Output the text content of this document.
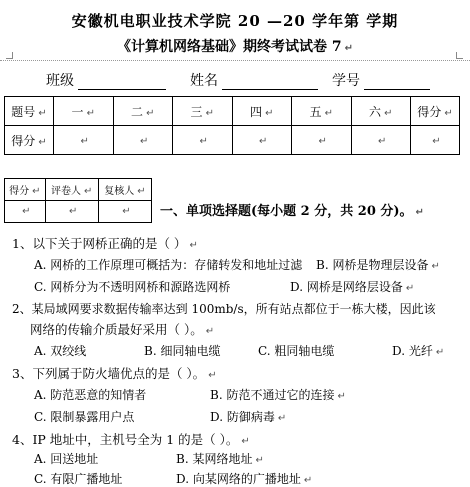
安徽机电职业技术学院 20 —20 学年第 学期
《计算机网络基础》期终考试试卷 7 ↵
班级	姓名	学号
题号 ↵	一 ↵	二 ↵	三 ↵	四 ↵	五 ↵	六 ↵	得分 ↵
得分 ↵	↵	↵	↵	↵	↵	↵	↵
得分 ↵	评卷人 ↵	复核人 ↵
↵	↵	↵ 一、单项选择题(每小题 2 分，共 20 分)。 ↵
1、以下关于网桥正确的是（ ） ↵
A. 网桥的工作原理可概括为：存储转发和地址过滤 B. 网桥是物理层设备 ↵
C. 网桥分为不透明网桥和源路选网桥	D. 网桥是网络层设备 ↵
2、某局域网要求数据传输率达到 100mb/s，所有站点都位于一栋大楼，因此该
网络的传输介质最好采用（ ）。 ↵
A. 双绞线	B. 细同轴电缆	C. 粗同轴电缆	D. 光纤 ↵
3、下列属于防火墙优点的是（ ）。 ↵
A. 防范恶意的知情者	B. 防范不通过它的连接 ↵
C. 限制暴露用户点	D. 防御病毒 ↵
4、IP 地址中，主机号全为 1 的是（ ）。 ↵
A. 回送地址	B. 某网络地址 ↵
C. 有限广播地址	D. 向某网络的广播地址 ↵
